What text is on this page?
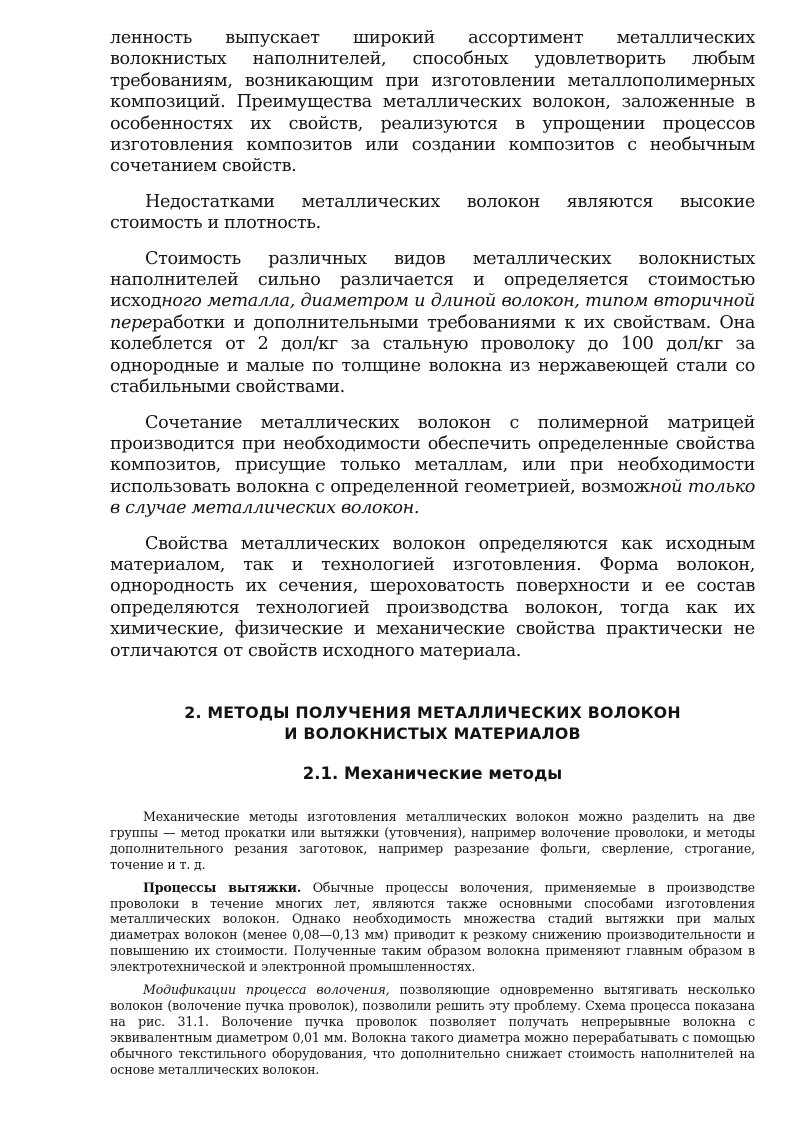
ленность выпускает широкий ассортимент металлических волокнистых наполнителей, способных удовлетворить любым требованиям, возникающим при изготовлении металлополимерных композиций. Преимущества металлических волокон, заложенные в особенностях их свойств, реализуются в упрощении процессов изготовления композитов или создании композитов с необычным сочетанием свойств.

Недостатками металлических волокон являются высокие стоимость и плотность.

Стоимость различных видов металлических волокнистых наполнителей сильно различается и определяется стоимостью исходного металла, диаметром и длиной волокон, типом вторичной переработки и дополнительными требованиями к их свойствам. Она колеблется от 2 дол/кг за стальную проволоку до 100 дол/кг за однородные и малые по толщине волокна из нержавеющей стали со стабильными свойствами.

Сочетание металлических волокон с полимерной матрицей производится при необходимости обеспечить определенные свойства композитов, присущие только металлам, или при необходимости использовать волокна с определенной геометрией, возможной только в случае металлических волокон.

Свойства металлических волокон определяются как исходным материалом, так и технологией изготовления. Форма волокон, однородность их сечения, шероховатость поверхности и ее состав определяются технологией производства волокон, тогда как их химические, физические и механические свойства практически не отличаются от свойств исходного материала.

2. МЕТОДЫ ПОЛУЧЕНИЯ МЕТАЛЛИЧЕСКИХ ВОЛОКОН
И ВОЛОКНИСТЫХ МАТЕРИАЛОВ
2.1. Механические методы

Механические методы изготовления металлических волокон можно разделить на две группы — метод прокатки или вытяжки (утовчения), например волочение проволоки, и методы дополнительного резания заготовок, например разрезание фольги, сверление, строгание, точение и т. д.

Процессы вытяжки. Обычные процессы волочения, применяемые в производстве проволоки в течение многих лет, являются также основными способами изготовления металлических волокон. Однако необходимость множества стадий вытяжки при малых диаметрах волокон (менее 0,08—0,13 мм) приводит к резкому снижению производительности и повышению их стоимости. Полученные таким образом волокна применяют главным образом в электротехнической и электронной промышленностях.

Модификации процесса волочения, позволяющие одновременно вытягивать несколько волокон (волочение пучка проволок), позволили решить эту проблему. Схема процесса показана на рис. 31.1. Волочение пучка проволок позволяет получать непрерывные волокна с эквивалентным диаметром 0,01 мм. Волокна такого диаметра можно перерабатывать с помощью обычного текстильного оборудования, что дополнительно снижает стоимость наполнителей на основе металлических волокон.
